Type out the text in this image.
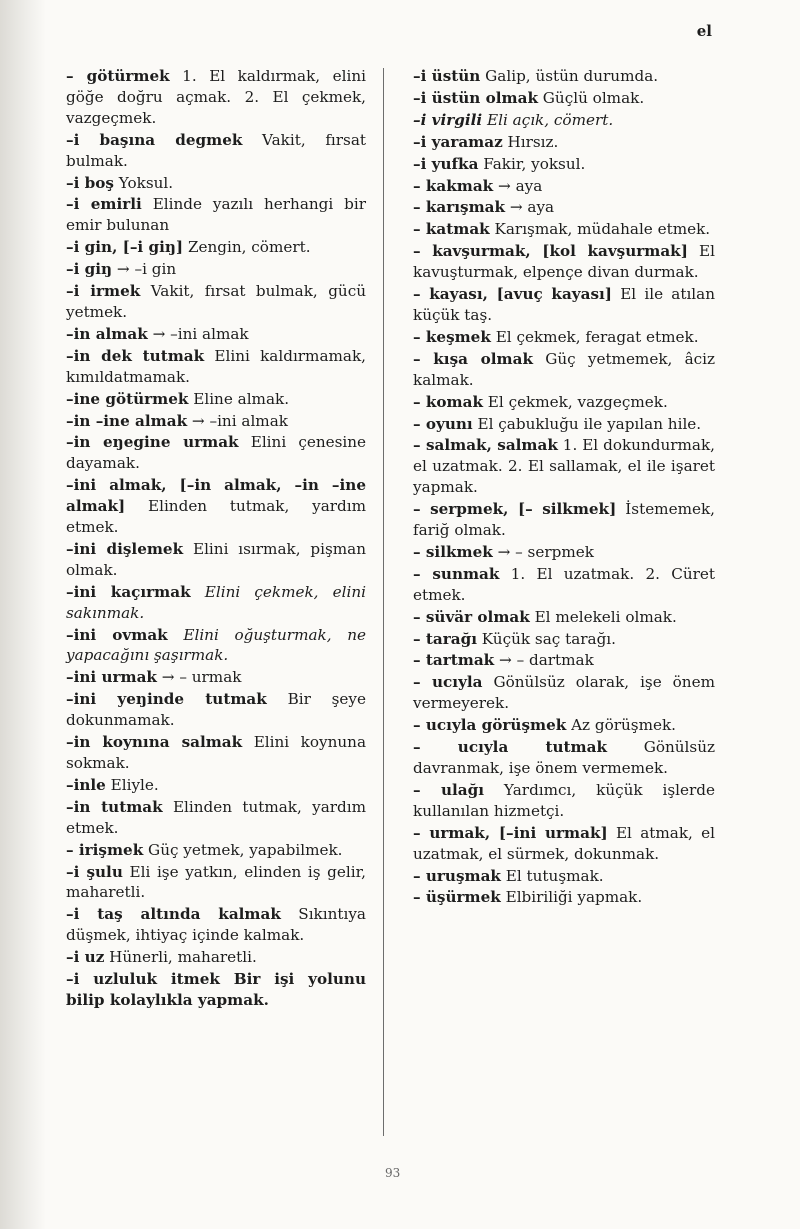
el
– götürmek 1. El kaldırmak, elini göğe doğru açmak. 2. El çekmek, vazgeçmek.
–i başına degmek Vakit, fırsat bulmak.
–i boş Yoksul.
–i emirli Elinde yazılı herhangi bir emir bulunan
–i gin, [–i giŋ] Zengin, cömert.
–i giŋ → –i gin
–i irmek Vakit, fırsat bulmak, gücü yetmek.
–in almak → –ini almak
–in dek tutmak Elini kaldırmamak, kımıldatmamak.
–ine götürmek Eline almak.
–in –ine almak → –ini almak
–in eŋegine urmak Elini çenesine dayamak.
–ini almak, [–in almak, –in –ine almak] Elinden tutmak, yardım etmek.
–ini dişlemek Elini ısırmak, pişman olmak.
–ini kaçırmak Elini çekmek, elini sakınmak.
–ini ovmak Elini oğuşturmak, ne yapacağını şaşırmak.
–ini urmak → – urmak
–ini yeŋinde tutmak Bir şeye dokunmamak.
–in koynına salmak Elini koynuna sokmak.
–inle Eliyle.
–in tutmak Elinden tutmak, yardım etmek.
– irişmek Güç yetmek, yapabilmek.
–i şulu Eli işe yatkın, elinden iş gelir, maharetli.
–i taş altında kalmak Sıkıntıya düşmek, ihtiyaç içinde kalmak.
–i uz Hünerli, maharetli.
–i uzluluk itmek Bir işi yolunu bilip kolaylıkla yapmak.
–i üstün Galip, üstün durumda.
–i üstün olmak Güçlü olmak.
–i virgili Eli açık, cömert.
–i yaramaz Hırsız.
–i yufka Fakir, yoksul.
– kakmak → aya
– karışmak → aya
– katmak Karışmak, müdahale etmek.
– kavşurmak, [kol kavşurmak] El kavuşturmak, elpençe divan durmak.
– kayası, [avuç kayası] El ile atılan küçük taş.
– keşmek El çekmek, feragat etmek.
– kışa olmak Güç yetmemek, âciz kalmak.
– komak El çekmek, vazgeçmek.
– oyunı El çabukluğu ile yapılan hile.
– salmak, salmak 1. El dokundurmak, el uzatmak. 2. El sallamak, el ile işaret yapmak.
– serpmek, [– silkmek] İstememek, fariğ olmak.
– silkmek → – serpmek
– sunmak 1. El uzatmak. 2. Cüret etmek.
– süvär olmak El melekeli olmak.
– tarağı Küçük saç tarağı.
– tartmak → – dartmak
– ucıyla Gönülsüz olarak, işe önem vermeyerek.
– ucıyla görüşmek Az görüşmek.
– ucıyla tutmak Gönülsüz davranmak, işe önem vermemek.
– ulağı Yardımcı, küçük işlerde kullanılan hizmetçi.
– urmak, [–ini urmak] El atmak, el uzatmak, el sürmek, dokunmak.
– uruşmak El tutuşmak.
– üşürmek Elbiriliği yapmak.
93
